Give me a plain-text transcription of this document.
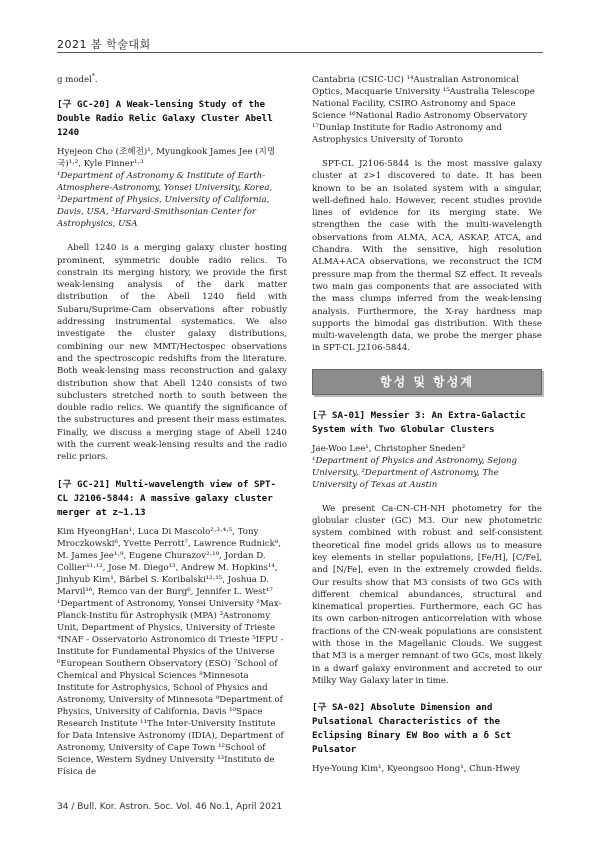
2021 봄 학술대회
g model*.
[구 GC-20] A Weak-lensing Study of the Double Radio Relic Galaxy Cluster Abell 1240
Hyejeon Cho (조혜전)¹, Myungkook James Jee (지명국)¹·², Kyle Finner¹·³
¹Department of Astronomy & Institute of Earth-Atmosphere-Astronomy, Yonsei University, Korea, ²Department of Physics, University of California, Davis, USA, ³Harvard-Smithsonian Center for Astrophysics, USA
Abell 1240 is a merging galaxy cluster hosting prominent, symmetric double radio relics. To constrain its merging history, we provide the first weak-lensing analysis of the dark matter distribution of the Abell 1240 field with Subaru/Suprime-Cam observations after robustly addressing instrumental systematics. We also investigate the cluster galaxy distributions, combining our new MMT/Hectospec observations and the spectroscopic redshifts from the literature. Both weak-lensing mass reconstruction and galaxy distribution show that Abell 1240 consists of two subclusters stretched north to south between the double radio relics. We quantify the significance of the substructures and present their mass estimates. Finally, we discuss a merging stage of Abell 1240 with the current weak-lensing results and the radio relic priors.
[구 GC-21] Multi-wavelength view of SPT-CL J2106-5844: A massive galaxy cluster merger at z~1.13
Kim HyeongHan¹, Luca Di Mascolo²·³·⁴·⁵, Tony Mroczkowski⁶, Yvette Perrott⁷, Lawrence Rudnick⁸, M. James Jee¹·⁹, Eugene Churazov²·¹⁰, Jordan D. Collier¹¹·¹², Jose M. Diego¹³, Andrew M. Hopkins¹⁴, Jinhyub Kim¹, Bärbel S. Koribalski¹²·¹⁵, Joshua D. Marvil¹⁶, Remco van der Burg⁶, Jennifer L. West¹⁷
¹Department of Astronomy, Yonsei University ²Max-Planck-Institu für Astrophysik (MPA) ³Astronomy Unit, Department of Physics, University of Trieste ⁴INAF - Osservatorio Astronomico di Trieste ⁵IFPU - Institute for Fundamental Physics of the Universe ⁶European Southern Observatory (ESO) ⁷School of Chemical and Physical Sciences ⁸Minnesota Institute for Astrophysics, School of Physics and Astronomy, University of Minnesota ⁹Department of Physics, University of California, Davis ¹⁰Space Research Institute ¹¹The Inter-University Institute for Data Intensive Astronomy (IDIA), Department of Astronomy, University of Cape Town ¹²School of Science, Western Sydney University ¹³Instituto de Física de
Cantabria (CSIC-UC) ¹⁴Australian Astronomical Optics, Macquarie University ¹⁵Australia Telescope National Facility, CSIRO Astronomy and Space Science ¹⁶National Radio Astronomy Observatory ¹⁷Dunlap Institute for Radio Astronomy and Astrophysics University of Toronto
SPT-CL J2106-5844 is the most massive galaxy cluster at z>1 discovered to date. It has been known to be an isolated system with a singular, well-defined halo. However, recent studies provide lines of evidence for its merging state. We strengthen the case with the multi-wavelength observations from ALMA, ACA, ASKAP, ATCA, and Chandra. With the sensitive, high resolution ALMA+ACA observations, we reconstruct the ICM pressure map from the thermal SZ effect. It reveals two main gas components that are associated with the mass clumps inferred from the weak-lensing analysis. Furthermore, the X-ray hardness map supports the bimodal gas distribution. With these multi-wavelength data, we probe the merger phase in SPT-CL J2106-5844.
항성 및 항성계
[구 SA-01] Messier 3: An Extra-Galactic System with Two Globular Clusters
Jae-Woo Lee¹, Christopher Sneden²
¹Department of Physics and Astronomy, Sejong University, ²Department of Astronomy, The University of Texas at Austin
We present Ca-CN-CH-NH photometry for the globular cluster (GC) M3. Our new photometric system combined with robust and self-consistent theoretical fine model grids allows us to measure key elements in stellar populations, [Fe/H], [C/Fe], and [N/Fe], even in the extremely crowded fields. Our results show that M3 consists of two GCs with different chemical abundances, structural and kinematical properties. Furthermore, each GC has its own carbon-nitrogen anticorrelation with whose fractions of the CN-weak populations are consistent with those in the Magellanic Clouds. We suggest that M3 is a merger remnant of two GCs, most likely in a dwarf galaxy environment and accreted to our Milky Way Galaxy later in time.
[구 SA-02] Absolute Dimension and Pulsational Characteristics of the Eclipsing Binary EW Boo with a δ Sct Pulsator
Hye-Young Kim¹, Kyeongsoo Hong¹, Chun-Hwey
34 / Bull. Kor. Astron. Soc. Vol. 46 No.1, April 2021
